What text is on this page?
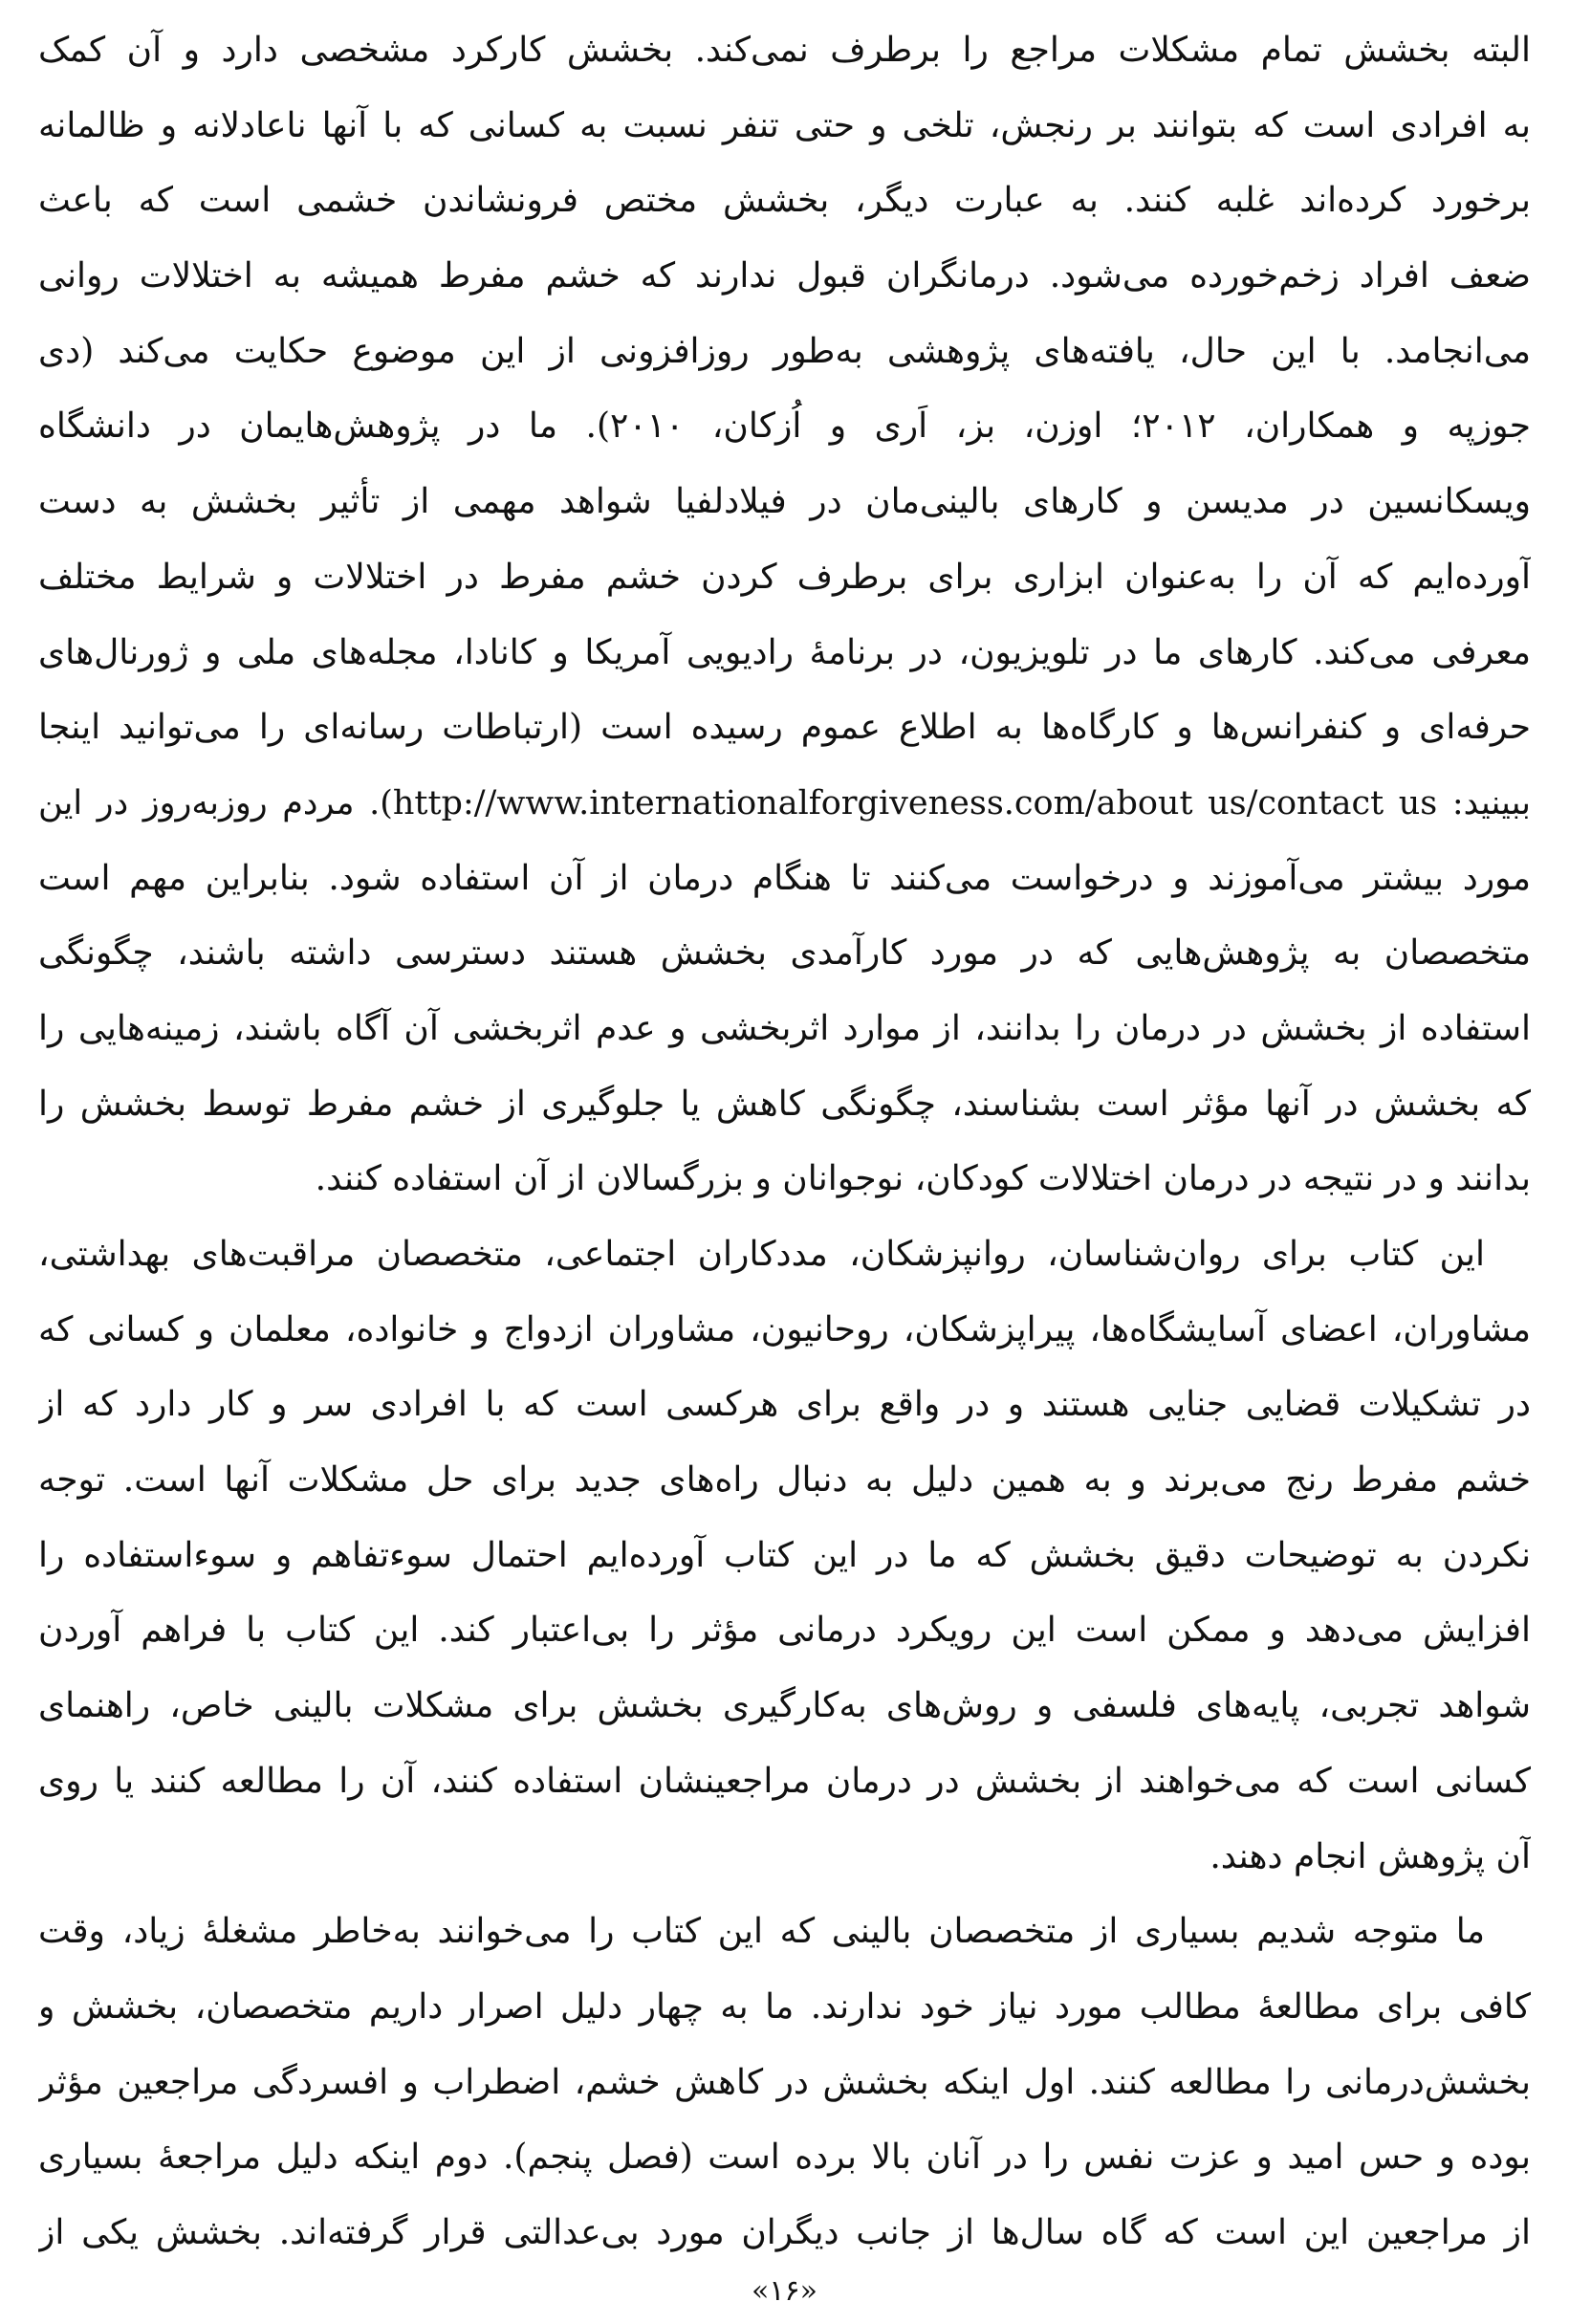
البته بخشش تمام مشکلات مراجع را برطرف نمی‌کند. بخشش کارکرد مشخصی دارد و آن کمک
به افرادی است که بتوانند بر رنجش، تلخی و حتی تنفر نسبت به کسانی که با آنها ناعادلانه و ظالمانه
برخورد کرده‌اند غلبه کنند. به عبارت دیگر، بخشش مختص فرونشاندن خشمی است که باعث
ضعف افراد زخم‌خورده می‌شود. درمانگران قبول ندارند که خشم مفرط همیشه به اختلالات روانی
می‌انجامد. با این حال، یافته‌های پژوهشی به‌طور روزافزونی از این موضوع حکایت می‌کند (دی
جوزپه و همکاران، ۲۰۱۲؛ اوزن، بز، اَری و اُزکان، ۲۰۱۰). ما در پژوهش‌هایمان در دانشگاه
ویسکانسین در مدیسن و کارهای بالینی‌مان در فیلادلفیا شواهد مهمی از تأثیر بخشش به دست
آورده‌ایم که آن را به‌عنوان ابزاری برای برطرف کردن خشم مفرط در اختلالات و شرایط مختلف
معرفی می‌کند. کارهای ما در تلویزیون، در برنامهٔ رادیویی آمریکا و کانادا، مجله‌های ملی و ژورنال‌های
حرفه‌ای و کنفرانس‌ها و کارگاه‌ها به اطلاع عموم رسیده است (ارتباطات رسانه‌ای را می‌توانید اینجا
ببینید: http://www.internationalforgiveness.com/about us/contact us). مردم روزبه‌روز در این
مورد بیشتر می‌آموزند و درخواست می‌کنند تا هنگام درمان از آن استفاده شود. بنابراین مهم است
متخصصان به پژوهش‌هایی که در مورد کارآمدی بخشش هستند دسترسی داشته باشند، چگونگی
استفاده از بخشش در درمان را بدانند، از موارد اثربخشی و عدم اثربخشی آن آگاه باشند، زمینه‌هایی را
که بخشش در آنها مؤثر است بشناسند، چگونگی کاهش یا جلوگیری از خشم مفرط توسط بخشش را
بدانند و در نتیجه در درمان اختلالات کودکان، نوجوانان و بزرگسالان از آن استفاده کنند.
این کتاب برای روان‌شناسان، روانپزشکان، مددکاران اجتماعی، متخصصان مراقبت‌های بهداشتی،
مشاوران، اعضای آسایشگاه‌ها، پیراپزشکان، روحانیون، مشاوران ازدواج و خانواده، معلمان و کسانی که
در تشکیلات قضایی جنایی هستند و در واقع برای هرکسی است که با افرادی سر و کار دارد که از
خشم مفرط رنج می‌برند و به همین دلیل به دنبال راه‌های جدید برای حل مشکلات آنها است. توجه
نکردن به توضیحات دقیق بخشش که ما در این کتاب آورده‌ایم احتمال سوءتفاهم و سوءاستفاده را
افزایش می‌دهد و ممکن است این رویکرد درمانی مؤثر را بی‌اعتبار کند. این کتاب با فراهم آوردن
شواهد تجربی، پایه‌های فلسفی و روش‌های به‌کارگیری بخشش برای مشکلات بالینی خاص، راهنمای
کسانی است که می‌خواهند از بخشش در درمان مراجعینشان استفاده کنند، آن را مطالعه کنند یا روی
آن پژوهش انجام دهند.
ما متوجه شدیم بسیاری از متخصصان بالینی که این کتاب را می‌خوانند به‌خاطر مشغلهٔ زیاد، وقت
کافی برای مطالعهٔ مطالب مورد نیاز خود ندارند. ما به چهار دلیل اصرار داریم متخصصان، بخشش و
بخشش‌درمانی را مطالعه کنند. اول اینکه بخشش در کاهش خشم، اضطراب و افسردگی مراجعین مؤثر
بوده و حس امید و عزت نفس را در آنان بالا برده است (فصل پنجم). دوم اینکه دلیل مراجعهٔ بسیاری
از مراجعین این است که گاه سال‌ها از جانب دیگران مورد بی‌عدالتی قرار گرفته‌اند. بخشش یکی از
«۱۶»
